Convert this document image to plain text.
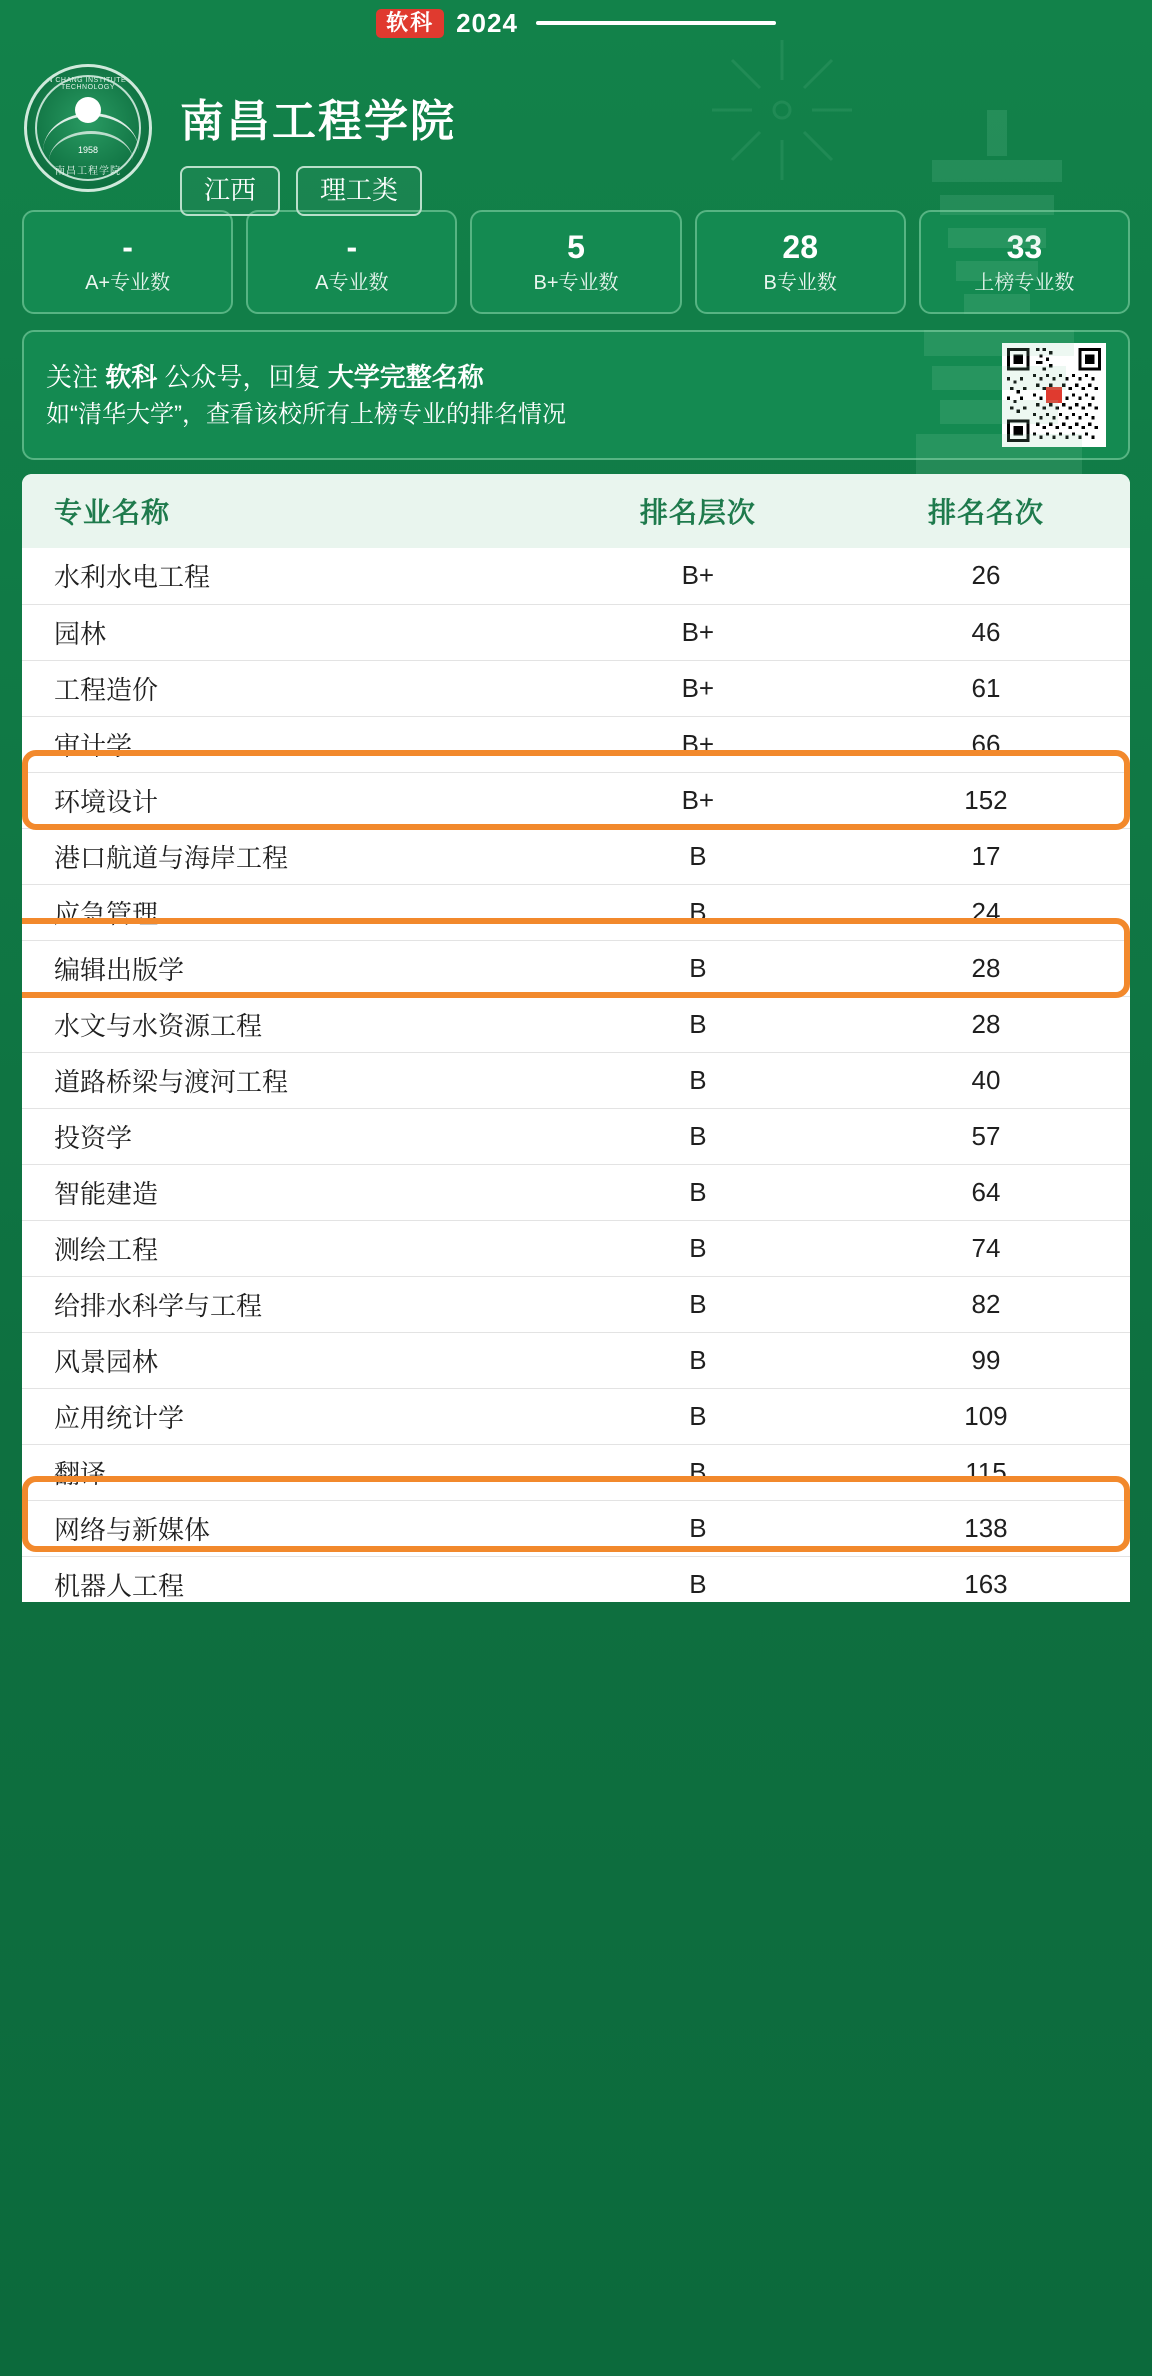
软科 2024
NAN CHANG INSTITUTE OF TECHNOLOGY
1958
南昌工程学院
南昌工程学院
江西	理工类
-
A+专业数
-
A专业数
5
B+专业数
28
B专业数
33
上榜专业数
关注 软科 公众号，回复 大学完整名称
如“清华大学”，查看该校所有上榜专业的排名情况
专业名称	排名层次	排名名次
水利水电工程	B+	26
园林	B+	46
工程造价	B+	61
审计学	B+	66
环境设计	B+	152
港口航道与海岸工程	B	17
应急管理	B	24
编辑出版学	B	28
水文与水资源工程	B	28
道路桥梁与渡河工程	B	40
投资学	B	57
智能建造	B	64
测绘工程	B	74
给排水科学与工程	B	82
风景园林	B	99
应用统计学	B	109
翻译	B	115
网络与新媒体	B	138
机器人工程	B	163
